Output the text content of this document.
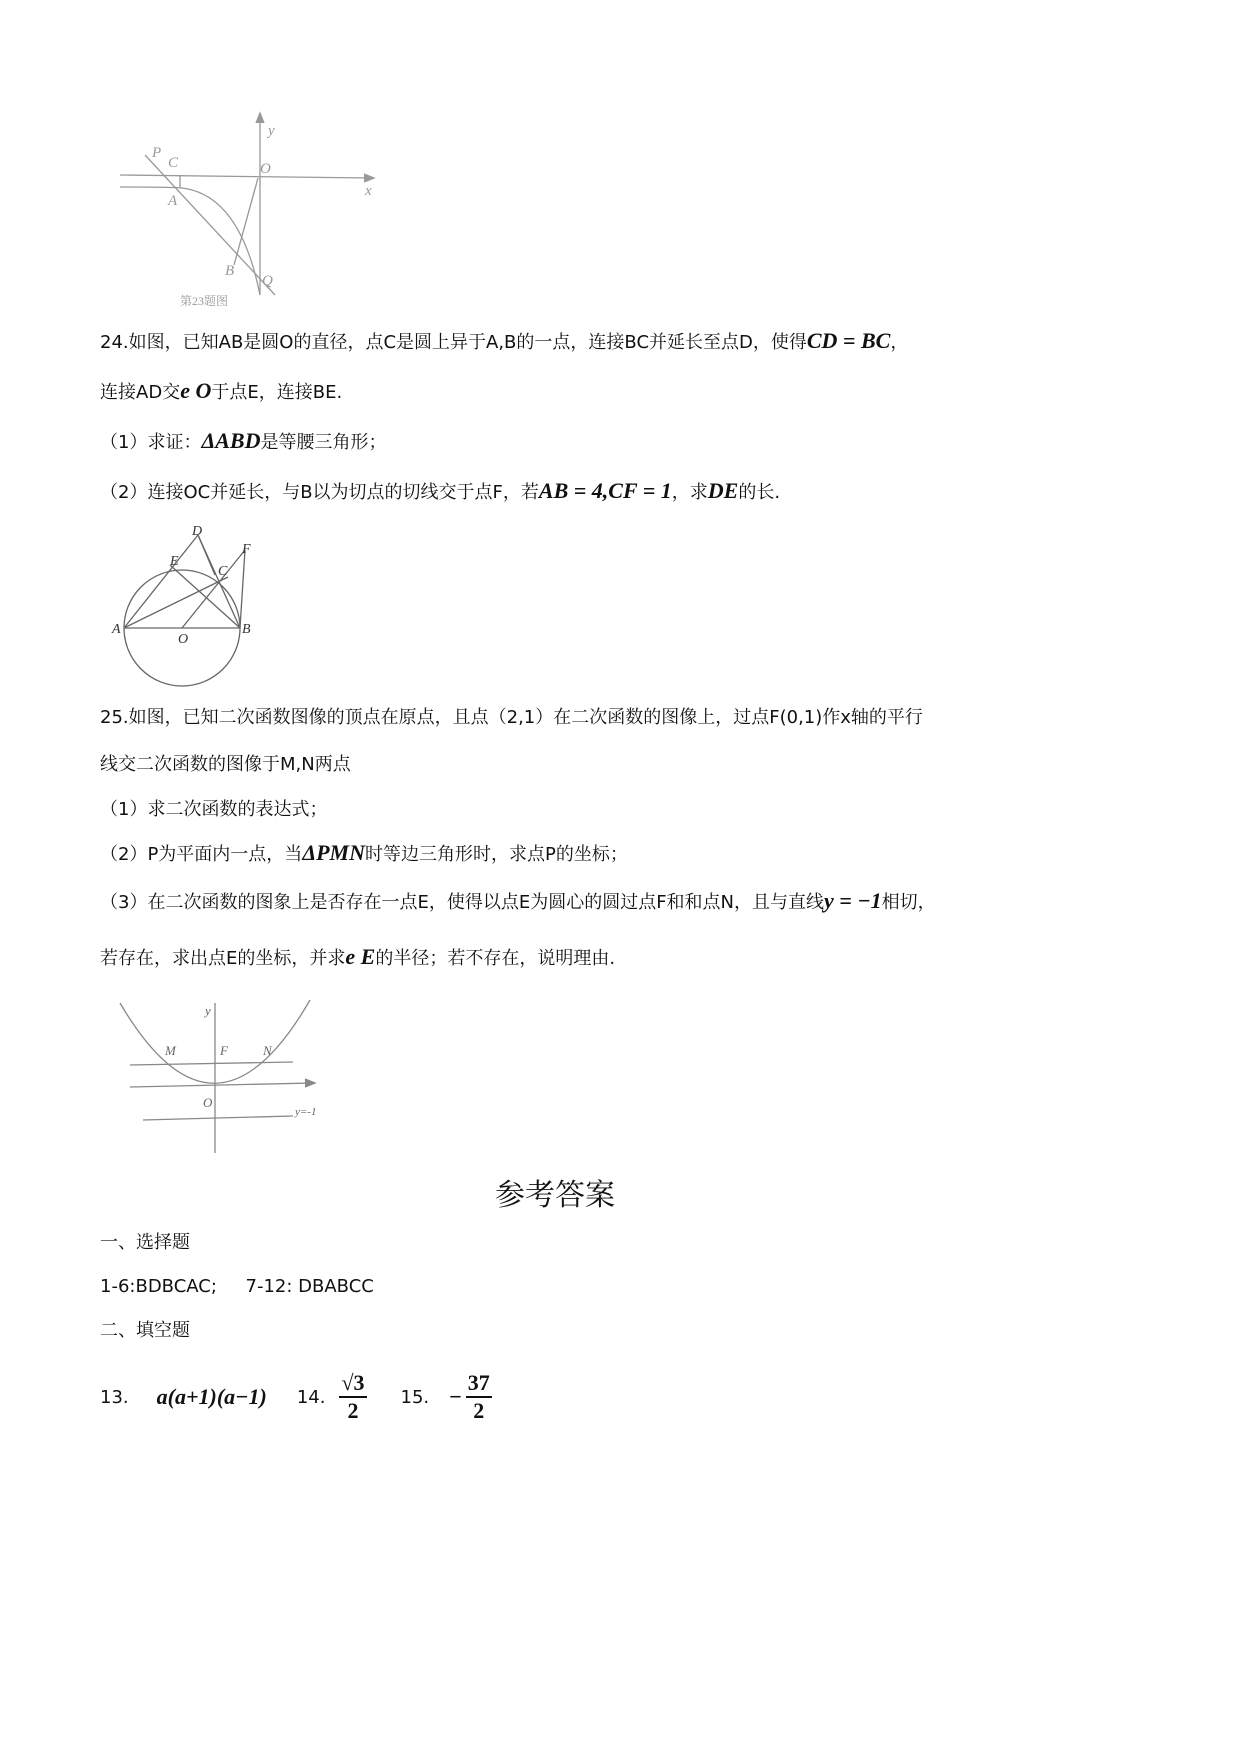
y
P
C	O
x
A
B
Q
第23题图
24.如图，已知AB是圆O的直径，点C是圆上异于A,B的一点，连接BC并延长至点D，使得CD = BC，
连接AD交e O于点E，连接BE.
（1）求证：ΔABD是等腰三角形；
（2）连接OC并延长，与B以为切点的切线交于点F，若AB = 4,CF = 1，求DE的长.
D
E
F
C
A
O
B
25.如图，已知二次函数图像的顶点在原点，且点（2,1）在二次函数的图像上，过点F(0,1)作x轴的平行
线交二次函数的图像于M,N两点
（1）求二次函数的表达式；
（2）P为平面内一点，当ΔPMN时等边三角形时，求点P的坐标；
（3）在二次函数的图象上是否存在一点E，使得以点E为圆心的圆过点F和和点N，且与直线y = −1相切，
若存在，求出点E的坐标，并求e E的半径；若不存在，说明理由.
y
M	F	N
O
y=-1
参考答案
一、选择题
1-6:BDBCAC;     7-12: DBABCC
二、填空题
13. a(a+1)(a−1) 14. $\frac{√3}{2} 15$. − $\frac{37}{2}$
